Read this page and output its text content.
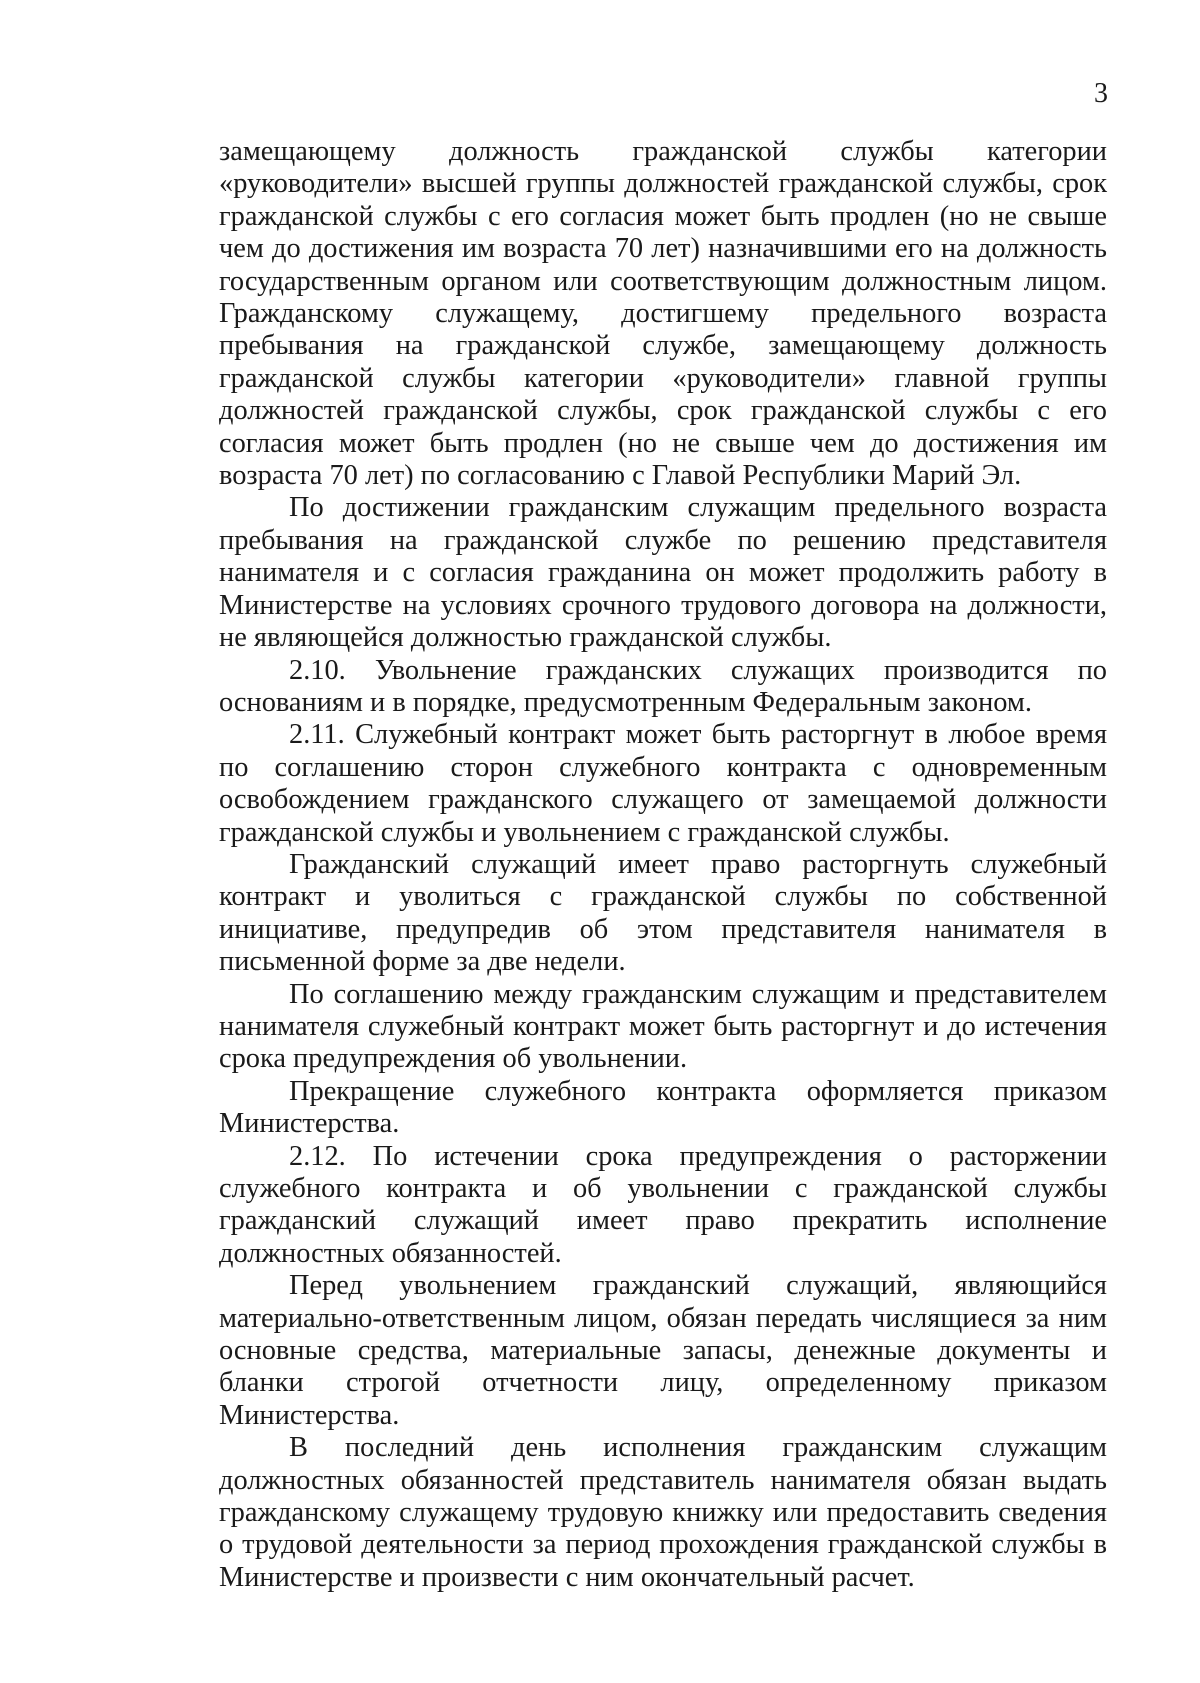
3

замещающему должность гражданской службы категории «руководители» высшей группы должностей гражданской службы, срок гражданской службы с его согласия может быть продлен (но не свыше чем до достижения им возраста 70 лет) назначившими его на должность государственным органом или соответствующим должностным лицом. Гражданскому служащему, достигшему предельного возраста пребывания на гражданской службе, замещающему должность гражданской службы категории «руководители» главной группы должностей гражданской службы, срок гражданской службы с его согласия может быть продлен (но не свыше чем до достижения им возраста 70 лет) по согласованию с Главой Республики Марий Эл.

По достижении гражданским служащим предельного возраста пребывания на гражданской службе по решению представителя нанимателя и с согласия гражданина он может продолжить работу в Министерстве на условиях срочного трудового договора на должности, не являющейся должностью гражданской службы.

2.10. Увольнение гражданских служащих производится по основаниям и в порядке, предусмотренным Федеральным законом.

2.11. Служебный контракт может быть расторгнут в любое время по соглашению сторон служебного контракта с одновременным освобождением гражданского служащего от замещаемой должности гражданской службы и увольнением с гражданской службы.

Гражданский служащий имеет право расторгнуть служебный контракт и уволиться с гражданской службы по собственной инициативе, предупредив об этом представителя нанимателя в письменной форме за две недели.

По соглашению между гражданским служащим и представителем нанимателя служебный контракт может быть расторгнут и до истечения срока предупреждения об увольнении.

Прекращение служебного контракта оформляется приказом Министерства.

2.12. По истечении срока предупреждения о расторжении служебного контракта и об увольнении с гражданской службы гражданский служащий имеет право прекратить исполнение должностных обязанностей.

Перед увольнением гражданский служащий, являющийся материально-ответственным лицом, обязан передать числящиеся за ним основные средства, материальные запасы, денежные документы и бланки строгой отчетности лицу, определенному приказом Министерства.

В последний день исполнения гражданским служащим должностных обязанностей представитель нанимателя обязан выдать гражданскому служащему трудовую книжку или предоставить сведения о трудовой деятельности за период прохождения гражданской службы в Министерстве и произвести с ним окончательный расчет.
